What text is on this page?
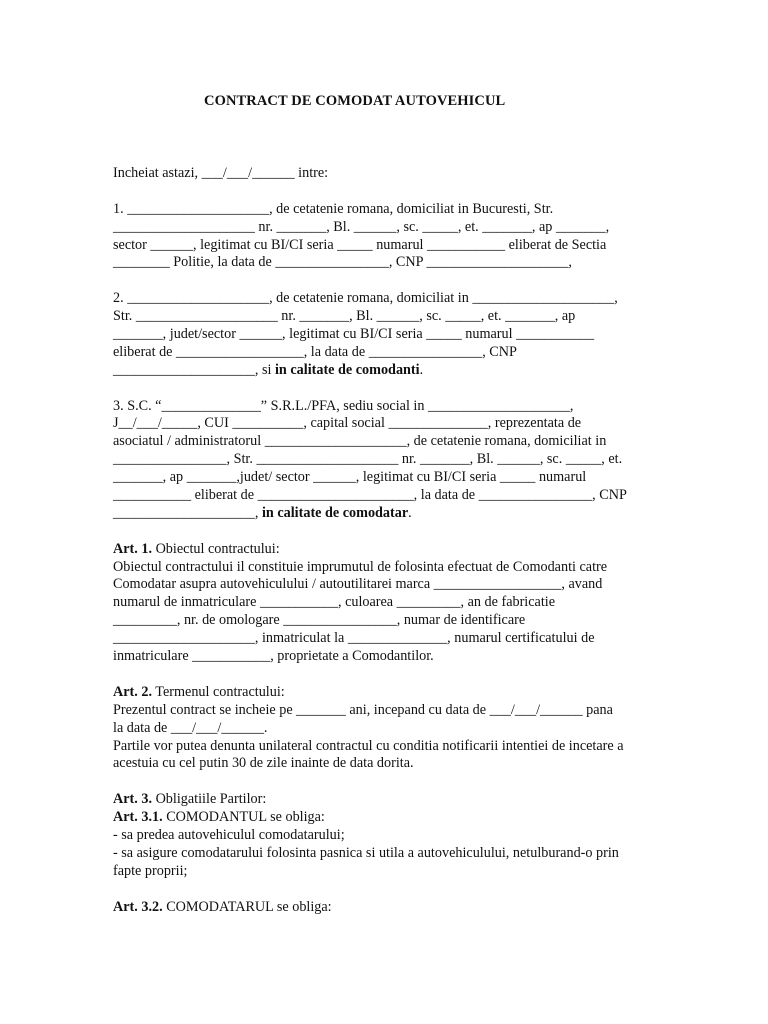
CONTRACT DE COMODAT AUTOVEHICUL
Incheiat astazi, ___/___/______ intre:
1. ____________________, de cetatenie romana, domiciliat in Bucuresti, Str.
____________________ nr. _______, Bl. ______, sc. _____, et. _______, ap _______,
sector ______, legitimat cu BI/CI seria _____ numarul ___________ eliberat de Sectia
________ Politie, la data de ________________, CNP ____________________,
2. ____________________, de cetatenie romana, domiciliat in ____________________,
Str. ____________________ nr. _______, Bl. ______, sc. _____, et. _______, ap
_______, judet/sector ______, legitimat cu BI/CI seria _____ numarul ___________
eliberat de __________________, la data de ________________, CNP
____________________, si in calitate de comodanti.
3. S.C. “______________” S.R.L./PFA, sediu social in ____________________,
J__/___/_____, CUI __________, capital social ______________, reprezentata de
asociatul / administratorul ____________________, de cetatenie romana, domiciliat in
________________, Str. ____________________ nr. _______, Bl. ______, sc. _____, et.
_______, ap _______,judet/ sector ______, legitimat cu BI/CI seria _____ numarul
___________ eliberat de ______________________, la data de ________________, CNP
____________________, in calitate de comodatar.
Art. 1. Obiectul contractului:
Obiectul contractului il constituie imprumutul de folosinta efectuat de Comodanti catre
Comodatar asupra autovehiculului / autoutilitarei marca __________________, avand
numarul de inmatriculare ___________, culoarea _________, an de fabricatie
_________, nr. de omologare ________________, numar de identificare
____________________, inmatriculat la ______________, numarul certificatului de
inmatriculare ___________, proprietate a Comodantilor.
Art. 2. Termenul contractului:
Prezentul contract se incheie pe _______ ani, incepand cu data de ___/___/______ pana
la data de ___/___/______.
Partile vor putea denunta unilateral contractul cu conditia notificarii intentiei de incetare a
acestuia cu cel putin 30 de zile inainte de data dorita.
Art. 3. Obligatiile Partilor:
Art. 3.1. COMODANTUL se obliga:
- sa predea autovehiculul comodatarului;
- sa asigure comodatarului folosinta pasnica si utila a autovehiculului, netulburand-o prin
fapte proprii;
Art. 3.2. COMODATARUL se obliga:
